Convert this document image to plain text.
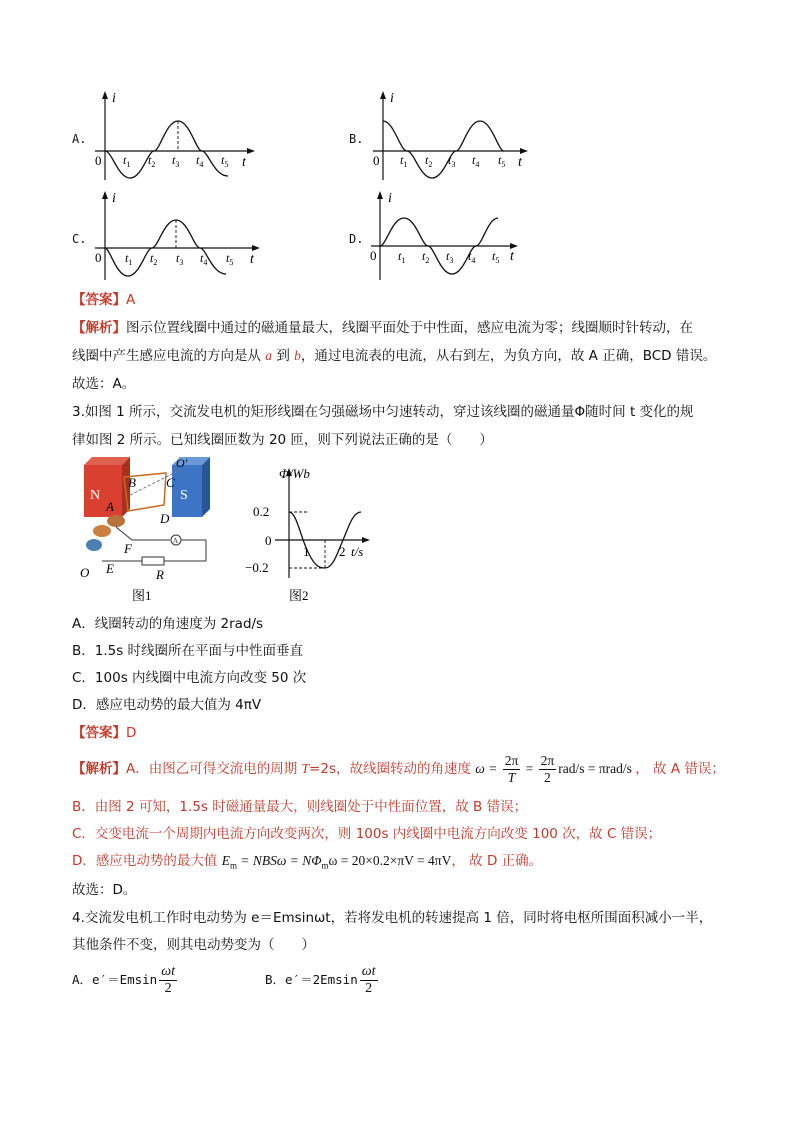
A.
i
t
0 $t_1$ $t_2$ $t_3$ $t_4$ $t_5$
B.
i
t
0 $t_1$ $t_2$ $t_3$ $t_4$ $t_5$
C.
i
t
0 $t_1$ $t_2$ $t_3$ $t_4$ $t_5$
D.
i
t
0 $t_1$ $t_2$ $t_3$ $t_4$ $t_5$
【答案】A
【解析】图示位置线圈中通过的磁通量最大，线圈平面处于中性面，感应电流为零；线圈顺时针转动，在
线圈中产生感应电流的方向是从 a 到 b，通过电流表的电流，从右到左，为负方向，故 A 正确，BCD 错误。
故选：A。
3.如图 1 所示，交流发电机的矩形线圈在匀强磁场中匀速转动，穿过该线圈的磁通量Φ随时间 t 变化的规
律如图 2 所示。已知线圈匝数为 20 匝，则下列说法正确的是（　　）
N	S
A
B
A
C
D
F
E	R
O
O′
图1
Φ/Wb
t/s
0.2
0
−0.2
1 2
图2
A．线圈转动的角速度为 2rad/s
B．1.5s 时线圈所在平面与中性面垂直
C．100s 内线圈中电流方向改变 50 次
D．感应电动势的最大值为 4πV
【答案】D
【解析】A．由图乙可得交流电的周期 T=2s，故线圈转动的角速度 $\omega = \frac{2\pi}{T} = \frac{2\pi}{2} rad/s = \pi rad/s$ ， 故 A 错误；
B．由图 2 可知，1.5s 时磁通量最大，则线圈处于中性面位置，故 B 错误；
C．交变电流一个周期内电流方向改变两次，则 100s 内线圈中电流方向改变 100 次，故 C 错误；
D．感应电动势的最大值 $E_m = NBS\omega = N\Phi_m\omega = 20\times 0.2\times\pi V = 4\pi V$， 故 D 正确。
故选：D。
4.交流发电机工作时电动势为 e＝Emsinωt，若将发电机的转速提高 1 倍，同时将电枢所围面积减小一半，
其他条件不变，则其电动势变为（　　）
A．$e'=Emsin \frac{\omega t}{2}$	B．$e'=2Emsin \frac{\omega t}{2}$
